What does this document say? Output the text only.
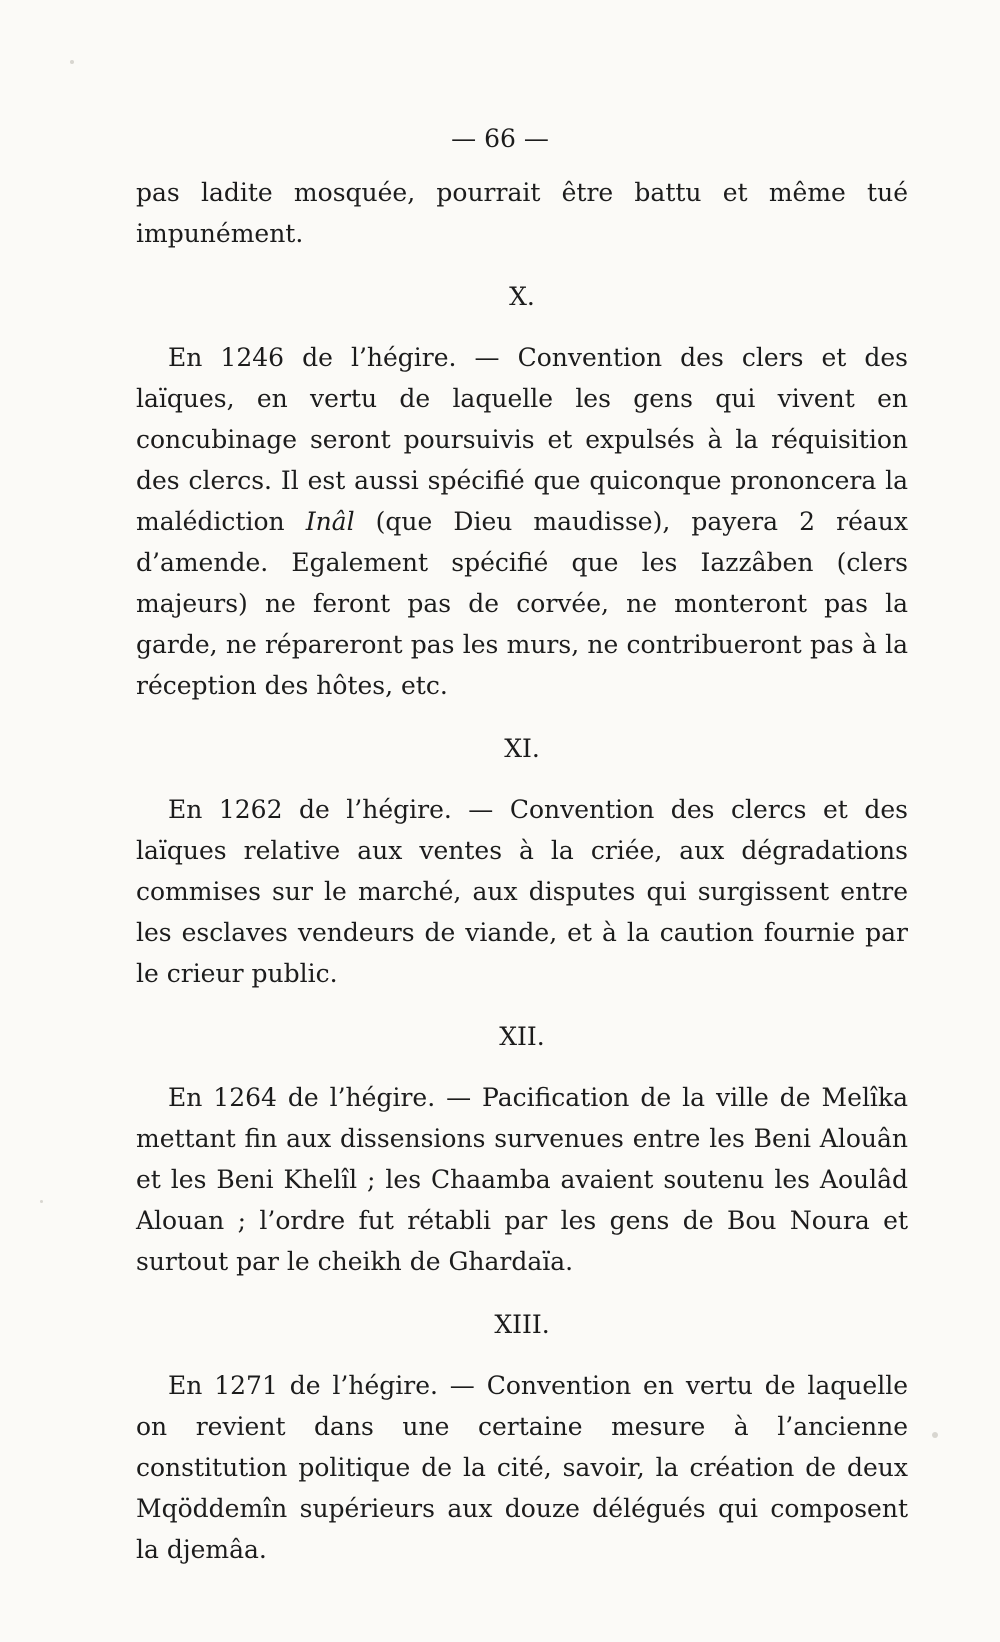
— 66 —

pas ladite mosquée, pourrait être battu et même tué impunément.

X.

En 1246 de l’hégire. — Convention des clers et des laïques, en vertu de laquelle les gens qui vivent en concubinage seront poursuivis et expulsés à la réquisition des clercs. Il est aussi spécifié que quiconque prononcera la malédiction Inâl (que Dieu maudisse), payera 2 réaux d’amende. Egalement spécifié que les Iazzâben (clers majeurs) ne feront pas de corvée, ne monteront pas la garde, ne répareront pas les murs, ne contribueront pas à la réception des hôtes, etc.

XI.

En 1262 de l’hégire. — Convention des clercs et des laïques relative aux ventes à la criée, aux dégradations commises sur le marché, aux disputes qui surgissent entre les esclaves vendeurs de viande, et à la caution fournie par le crieur public.

XII.

En 1264 de l’hégire. — Pacification de la ville de Melîka mettant fin aux dissensions survenues entre les Beni Alouân et les Beni Khelîl ; les Chaamba avaient soutenu les Aoulâd Alouan ; l’ordre fut rétabli par les gens de Bou Noura et surtout par le cheikh de Ghardaïa.

XIII.

En 1271 de l’hégire. — Convention en vertu de laquelle on revient dans une certaine mesure à l’ancienne constitution politique de la cité, savoir, la création de deux Mqöddemîn supérieurs aux douze délégués qui composent la djemâa.
